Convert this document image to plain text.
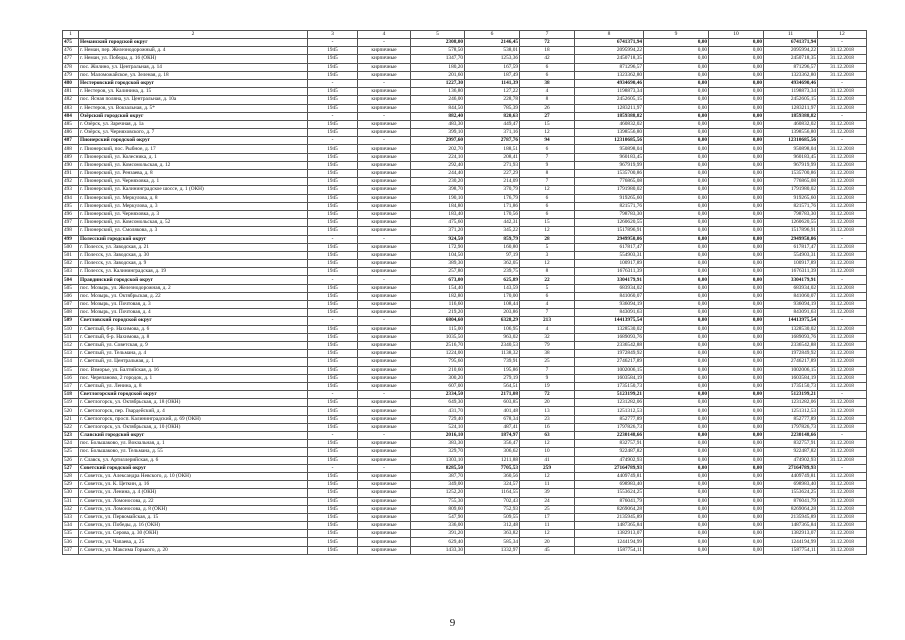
1	2	3	4	5	6	7	8	9	10	11	12
475	Неманский городской округ	-	-	2308,00	2146,45	72	6741371,94	0,00	0,00	6741371,94	-
476	г. Неман, пер. Железнодорожный, д. 4	1945	кирпичные	578,50	538,01	18	2095994,22	0,00	0,00	2095994,22	31.12.2018
477	г. Неман, ул. Победы, д. 16 (ОКН)	1945	кирпичные	1347,70	1253,36	42	2450718,35	0,00	0,00	2450718,35	31.12.2018
478	пос. Жилино, ул. Центральная, д. 14	1945	кирпичные	180,20	167,59	6	871296,57	0,00	0,00	871296,57	31.12.2018
479	пос. Маломожайское, ул. Зеленая, д. 18	1945	кирпичные	201,60	187,49	6	1323362,80	0,00	0,00	1323362,80	31.12.2018
480	Нестеровский городской округ	-	-	1227,30	1141,39	38	4934690,46	0,00	0,00	4934690,46	-
481	г. Нестеров, ул. Калинина, д. 15	1945	кирпичные	136,80	127,22	4	1198873,34	0,00	0,00	1198873,34	31.12.2018
482	пос. Ясная поляна, ул. Центральная, д. 10а	1945	кирпичные	246,00	228,78	8	2452605,15	0,00	0,00	2452605,15	31.12.2018
483	г. Нестеров, ул. Вокзальная, д. 5*	1945	кирпичные	844,50	785,39	26	1283211,97	0,00	0,00	1283211,97	31.12.2018
484	Озёрский городской округ	-	-	882,40	820,63	27	1859388,82	0,00	0,00	1859388,82	-
485	г. Озёрск, ул. Заречная, д. 1а	1945	кирпичные	483,30	449,47	15	460832,02	0,00	0,00	460832,02	31.12.2018
486	г. Озёрск, ул. Черняховского, д. 7	1945	кирпичные	399,10	371,16	12	1398556,80	0,00	0,00	1398556,80	31.12.2018
487	Пионерский городской округ	-	-	2997,60	2787,76	94	12310685,56	0,00	0,00	12310685,56	-
488	г. Пионерский, пос. Рыбное, д. 17	1945	кирпичные	202,70	188,51	6	950898,04	0,00	0,00	950898,04	31.12.2018
489	г. Пионерский, ул. Колесника, д. 1	1945	кирпичные	224,10	208,41	7	960183,45	0,00	0,00	960183,45	31.12.2018
490	г. Пионерский, ул. Комсомольская, д. 12	1945	кирпичные	292,40	271,93	9	967919,99	0,00	0,00	967919,99	31.12.2018
491	г. Пионерский, ул. Рензаева, д. 8	1945	кирпичные	244,40	227,29	8	1535700,86	0,00	0,00	1535700,86	31.12.2018
492	г. Пионерский, ул. Черняховка, д. 1	1945	кирпичные	230,20	214,09	7	776865,08	0,00	0,00	776865,08	31.12.2018
493	г. Пионерский, ул. Калининградское шоссе, д. 1 (ОКН)	1945	кирпичные	398,70	370,79	12	1791980,02	0,00	0,00	1791980,02	31.12.2018
494	г. Пионерский, ул. Меркулова, д. 8	1945	кирпичные	190,10	176,79	6	919265,60	0,00	0,00	919265,60	31.12.2018
495	г. Пионерский, ул. Меркулова, д. 3	1945	кирпичные	184,80	171,86	6	821571,76	0,00	0,00	821571,76	31.12.2018
496	г. Пионерский, ул. Черняховка, д. 3	1945	кирпичные	183,40	170,56	6	798783,30	0,00	0,00	798783,30	31.12.2018
497	г. Пионерский, ул. Комсомольская, д. 52	1945	кирпичные	475,60	442,31	15	1260620,55	0,00	0,00	1260620,55	31.12.2018
498	г. Пионерский, ул. Смолякова, д. 3	1945	кирпичные	371,20	345,22	12	1517896,91	0,00	0,00	1517896,91	31.12.2018
499	Полесский городской округ	-	-	924,50	859,79	28	2949950,06	0,00	0,00	2949950,06	-
500	г. Полесск, ул. Заводская, д. 21	1945	кирпичные	172,90	160,80	5	617817,47	0,00	0,00	617817,47	31.12.2018
501	г. Полесск, ул. Заводская, д. 30	1945	кирпичные	104,50	97,19	3	554903,31	0,00	0,00	554903,31	31.12.2018
502	г. Полесск, ул. Заводская, д. 9	1945	кирпичные	389,30	362,05	12	100917,89	0,00	0,00	100917,89	31.12.2018
503	г. Полесск, ул. Калининградская, д. 19	1945	кирпичные	257,80	239,75	8	1676311,39	0,00	0,00	1676311,39	31.12.2018
504	Правдинский городской округ	-	-	673,00	625,89	22	3304179,91	0,00	0,00	3304179,91	-
505	пос. Мозырь, ул. Железнодорожная, д. 2	1945	кирпичные	154,40	143,59	5	683934,02	0,00	0,00	683934,02	31.12.2018
506	пос. Мозырь, ул. Октябрьская, д. 22	1945	кирпичные	182,80	170,00	6	841060,07	0,00	0,00	841060,07	31.12.2018
507	пос. Мозырь, ул. Почтовая, д. 3	1945	кирпичные	116,60	108,44	4	936094,19	0,00	0,00	936094,19	31.12.2018
508	пос. Мозырь, ул. Почтовая, д. 4	1945	кирпичные	219,20	203,86	7	843091,63	0,00	0,00	843091,63	31.12.2018
509	Светловский городской округ	-	-	6804,60	6328,29	213	14413975,54	0,00	0,00	14413975,54	-
510	г. Светлый, б-р. Нахимова, д. 6	1945	кирпичные	115,00	106,95	4	1328530,02	0,00	0,00	1328530,02	31.12.2018
511	г. Светлый, б-р. Нахимова, д. 8	1945	кирпичные	1035,50	963,02	32	1689093,76	0,00	0,00	1689093,76	31.12.2018
512	г. Светлый, ул. Советская, д. 9	1945	кирпичные	2516,70	2340,53	79	2336542,88	0,00	0,00	2336542,88	31.12.2018
513	г. Светлый, ул. Тельмана, д. 4	1945	кирпичные	1224,00	1138,32	38	1972849,92	0,00	0,00	1972849,92	31.12.2018
514	г. Светлый, ул. Центральная, д. 1	1945	кирпичные	795,60	739,91	25	2746217,89	0,00	0,00	2746217,89	31.12.2018
515	пос. Взморье, ул. Балтийская, д. 16	1945	кирпичные	210,60	195,86	7	1002006,15	0,00	0,00	1002006,15	31.12.2018
516	пос. Черепаново, 2 городок, д. 1	1945	кирпичные	300,20	279,19	9	1603584,19	0,00	0,00	1603584,19	31.12.2018
517	г. Светлый, ул. Ленина, д. 8	1945	кирпичные	607,00	564,51	19	1735150,73	0,00	0,00	1735150,73	31.12.2018
518	Светлогорский городской округ	-	-	2334,50	2171,08	72	5123199,21	0,00	0,00	5123199,21	-
519	г. Светлогорск, ул. Октябрьская, д. 18 (ОКН)	1945	кирпичные	649,30	603,85	20	1231282,06	0,00	0,00	1231282,06	31.12.2018
520	г. Светлогорск, пер. Гвардейский, д. 4	1945	кирпичные	431,70	401,48	13	1251312,53	0,00	0,00	1251312,53	31.12.2018
521	г. Светлогорск, просп. Калининградский, д. 69 (ОКН)	1945	кирпичные	729,40	678,34	23	852777,89	0,00	0,00	852777,89	31.12.2018
522	г. Светлогорск, ул. Октябрьская, д. 10 (ОКН)	1945	кирпичные	524,10	487,41	16	1797826,73	0,00	0,00	1797826,73	31.12.2018
523	Славский городской округ	-	-	2016,10	1874,97	63	2230148,66	0,00	0,00	2230148,66	-
524	пос. Большаково, ул. Вокзальная, д. 1	1945	кирпичные	383,30	356,47	12	832757,91	0,00	0,00	832757,91	31.12.2018
525	пос. Большаково, ул. Тельмана, д. 55	1945	кирпичные	329,70	306,62	10	922487,82	0,00	0,00	922487,82	31.12.2018
526	г. Славск, ул. Артиллерийская, д. 6	1945	кирпичные	1303,10	1211,88	41	474902,93	0,00	0,00	474902,93	31.12.2018
527	Советский городской округ	-	-	8285,50	7705,53	259	27164789,93	0,00	0,00	27164789,93	-
528	г. Советск, ул. Александра Невского, д. 10 (ОКН)	1945	кирпичные	387,70	360,56	12	4409749,81	0,00	0,00	4409749,81	31.12.2018
529	г. Советск, ул. К. Цеткин, д. 16	1945	кирпичные	349,00	324,57	11	698983,40	0,00	0,00	698983,40	31.12.2018
530	г. Советск, ул. Ленина, д. 4 (ОКН)	1945	кирпичные	1252,20	1164,55	39	1553624,25	0,00	0,00	1553624,25	31.12.2018
531	г. Советск, ул. Ломоносова, д. 22	1945	кирпичные	755,30	702,43	24	876041,79	0,00	0,00	876041,79	31.12.2018
532	г. Советск, ул. Ломоносова, д. 8 (ОКН)	1945	кирпичные	809,60	752,93	25	8269064,28	0,00	0,00	8269064,28	31.12.2018
533	г. Советск, ул. Первомайская, д. 15	1945	кирпичные	547,90	509,55	17	2135945,89	0,00	0,00	2135945,89	31.12.2018
534	г. Советск, ул. Победы, д. 16 (ОКН)	1945	кирпичные	336,00	312,48	11	1487365,84	0,00	0,00	1487365,84	31.12.2018
535	г. Советск, ул. Серова, д. 30 (ОКН)	1945	кирпичные	391,20	363,82	12	1382913,07	0,00	0,00	1382913,07	31.12.2018
536	г. Советск, ул. Чапаева, д. 25	1945	кирпичные	629,40	585,34	20	1244194,99	0,00	0,00	1244194,99	31.12.2018
537	г. Советск, ул. Максима Горького, д. 20	1945	кирпичные	1433,30	1332,97	45	1587754,11	0,00	0,00	1587754,11	31.12.2018
9
